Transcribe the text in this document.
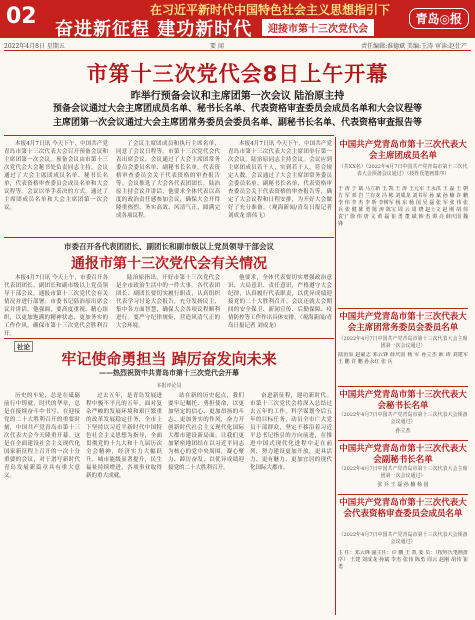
02	在习近平新时代中国特色社会主义思想指引下
奋进新征程 建功新时代	迎接市第十三次党代会
青岛◎报
2022年4月8日 星期五	要 闻	责任编辑:淮德斌 美编:王涛 审读:赵仕产
市第十三次党代会8日上午开幕
昨举行预备会议和主席团第一次会议 陆治原主持
预备会议通过大会主席团成员名单、秘书长名单、代表资格审查委员会成员名单和大会议程等
主席团第一次会议通过大会主席团常务委员会委员名单、副秘书长名单、代表资格审查报告等
本报4月7日讯 今天下午，中国共产党青岛市第十三次代表大会召开预备会议和主席团第一次会议。预备会议由市第十三次党代会大会秘书处负责同志主持。会议通过了大会主席团成员名单、秘书长名单，代表资格审查委员会成员名单和大会议程等。会议以举手表决的方式，通过了主席团成员名单和大会主席团第一次会议。
了会议主席团成员和执行主席名单，同意了会议日程等。市第十三次党代会代表出席会议。会议通过了大会主席团常务委员会委员名单、副秘书长名单，代表资格审查委员会关于代表资格的审查报告等。会议推选了大会各代表团团长。陆治原主持会议并讲话，他要求全体代表以高度的政治责任感参加会议，确保大会开得隆重热烈、务实高效、风清气正，圆满完成各项议程。
本报4月7日讯 今天下午，中国共产党青岛市第十三次代表大会主席团举行第一次会议。陆治原同志主持会议。会议应到主席团成员若干人，实到若干人，符合规定人数。会议通过了大会主席团常务委员会委员名单、副秘书长名单、代表资格审查委员会关于代表资格的审查报告等，确定了大会议程和日程安排，为开好大会做好了充分准备。（观海新闻/青岛日报记者 刘成龙 薛伟飞）
中国共产党青岛市第十三次代表大会主席团成员名单
（共XX名）（2022年4月7日中国共产党青岛市第十三次代表大会预备会议通过）（按姓氏笔画排序）
于 涛 于 斌 马立新 王 凯 王 涛 王元军 王永洪 王 磊 王 朝 方 军 邓 岩 兰有龙 冯 彬 刘成龙 刘书军 孙 斌 孙 楠 许 鹏 李 伟 李 杰 李 昕 李树军 杨 东 杨 国 吴 磊 张 军 张 伟 张 兵 张 健 陈 勇 陈 涛 陈宝 周 云 周 晓 赵士文 赵 刚 胡 伟 袁宁 徐 伟 唐 文 黄 磊 崔 勇 董 斌 韩 杰 谭 亮 薛庆国 魏 锋
中国共产党青岛市第十三次代表大会主席团常务委员会委员名单
（2022年4月7日中国共产党青岛市第十三次代表大会主席团第一次会议通过）
陆治原 赵豪志 邓云锋 薛庆国 杨 军 孙立杰 耿 涛 刘建军 王 鹏 许 鹏 孙永红 张 兵
中国共产党青岛市第十三次代表大会秘书长名单
（2022年4月7日中国共产党青岛市第十三次代表大会预备会议通过）
孙立杰
中国共产党青岛市第十三次代表大会副秘书长名单
（2022年4月7日中国共产党青岛市第十三次代表大会主席团第一次会议通过）
张 兵 王 磊 孙 楠 杨 国
中国共产党青岛市第十三次代表大会代表资格审查委员会成员名单
（2022年4月7日中国共产党青岛市第十三次代表大会预备会议通过）
主 任：邓云锋 副主任：许 鹏 王 凯 委 员：（按姓氏笔画排序） 王建 刘成龙 孙斌 李杰 张伟 陈勇 周云 赵刚 胡伟 崔勇
市委召开各代表团团长、副团长和副市级以上党员领导干部会议
通报市第十三次党代会有关情况
本报4月7日讯 今天上午，市委召开各代表团团长、副团长和副市级以上党员领导干部会议，通报市第十三次党代会有关情况并进行部署。市委书记陆治原出席会议并讲话。他强调，要高度重视、精心组织，以更加饱满的精神状态、更加务实的工作作风，确保市第十三次党代会胜利召开。
陆治原指出，开好市第十三次党代会是全市政治生活中的一件大事。各代表团团长、副团长要切实履行职责，认真组织代表学习讨论大会报告，充分发扬民主，集中各方面智慧，确保大会各项议程顺利进行。要严守纪律规矩，营造风清气正的大会环境。
他要求，全体代表要切实增强政治意识、大局意识、责任意识，严格遵守大会纪律，认真履行代表职责，以优异成绩迎接党的二十大胜利召开。会议还就大会期间的安全保卫、新闻宣传、后勤保障、疫情防控等工作作出具体安排。（观海新闻/青岛日报记者 刘成龙）
社论
牢记使命勇担当 踔厉奋发向未来
——热烈祝贺中共青岛市第十三次党代会开幕
本报评论员
历史的车轮，总是在砥砺前行中铸就，时代的华章，总是在接续奋斗中书写。在迎接党的二十大胜利召开的重要时刻，中国共产党青岛市第十三次代表大会今天隆重开幕。这是在全面建设社会主义现代化国家新征程上召开的一次十分重要的会议，对于谱写新时代青岛发展新篇章具有重大意义。
过去五年，是青岛发展进程中极不平凡的五年。面对复杂严峻的发展环境和艰巨繁重的改革发展稳定任务，全市上下坚持以习近平新时代中国特色社会主义思想为指导，全面贯彻党的十九大和十九届历次全会精神，经济实力大幅跃升，城市能级显著提升，民生福祉持续增进，各项事业取得新的重大成就。
站在新的历史起点，我们要牢记嘱托、勇担使命，以更加坚定的信心、更加昂扬的斗志、更加务实的作风，奋力开创新时代社会主义现代化国际大都市建设新局面。让我们更加紧密地团结在以习近平同志为核心的党中央周围，凝心聚力、踔厉奋发，以优异成绩迎接党的二十大胜利召开。
奋进新征程，建功新时代。市第十三次党代会将深入总结过去五年的工作，科学谋划今后五年的目标任务，动员全市广大党员干部群众，坚定不移沿着习近平总书记指引的方向前进，在推进中国式现代化进程中走在前列，努力建设更加开放、更具活力、更有魅力、更加宜居的现代化国际大都市。
